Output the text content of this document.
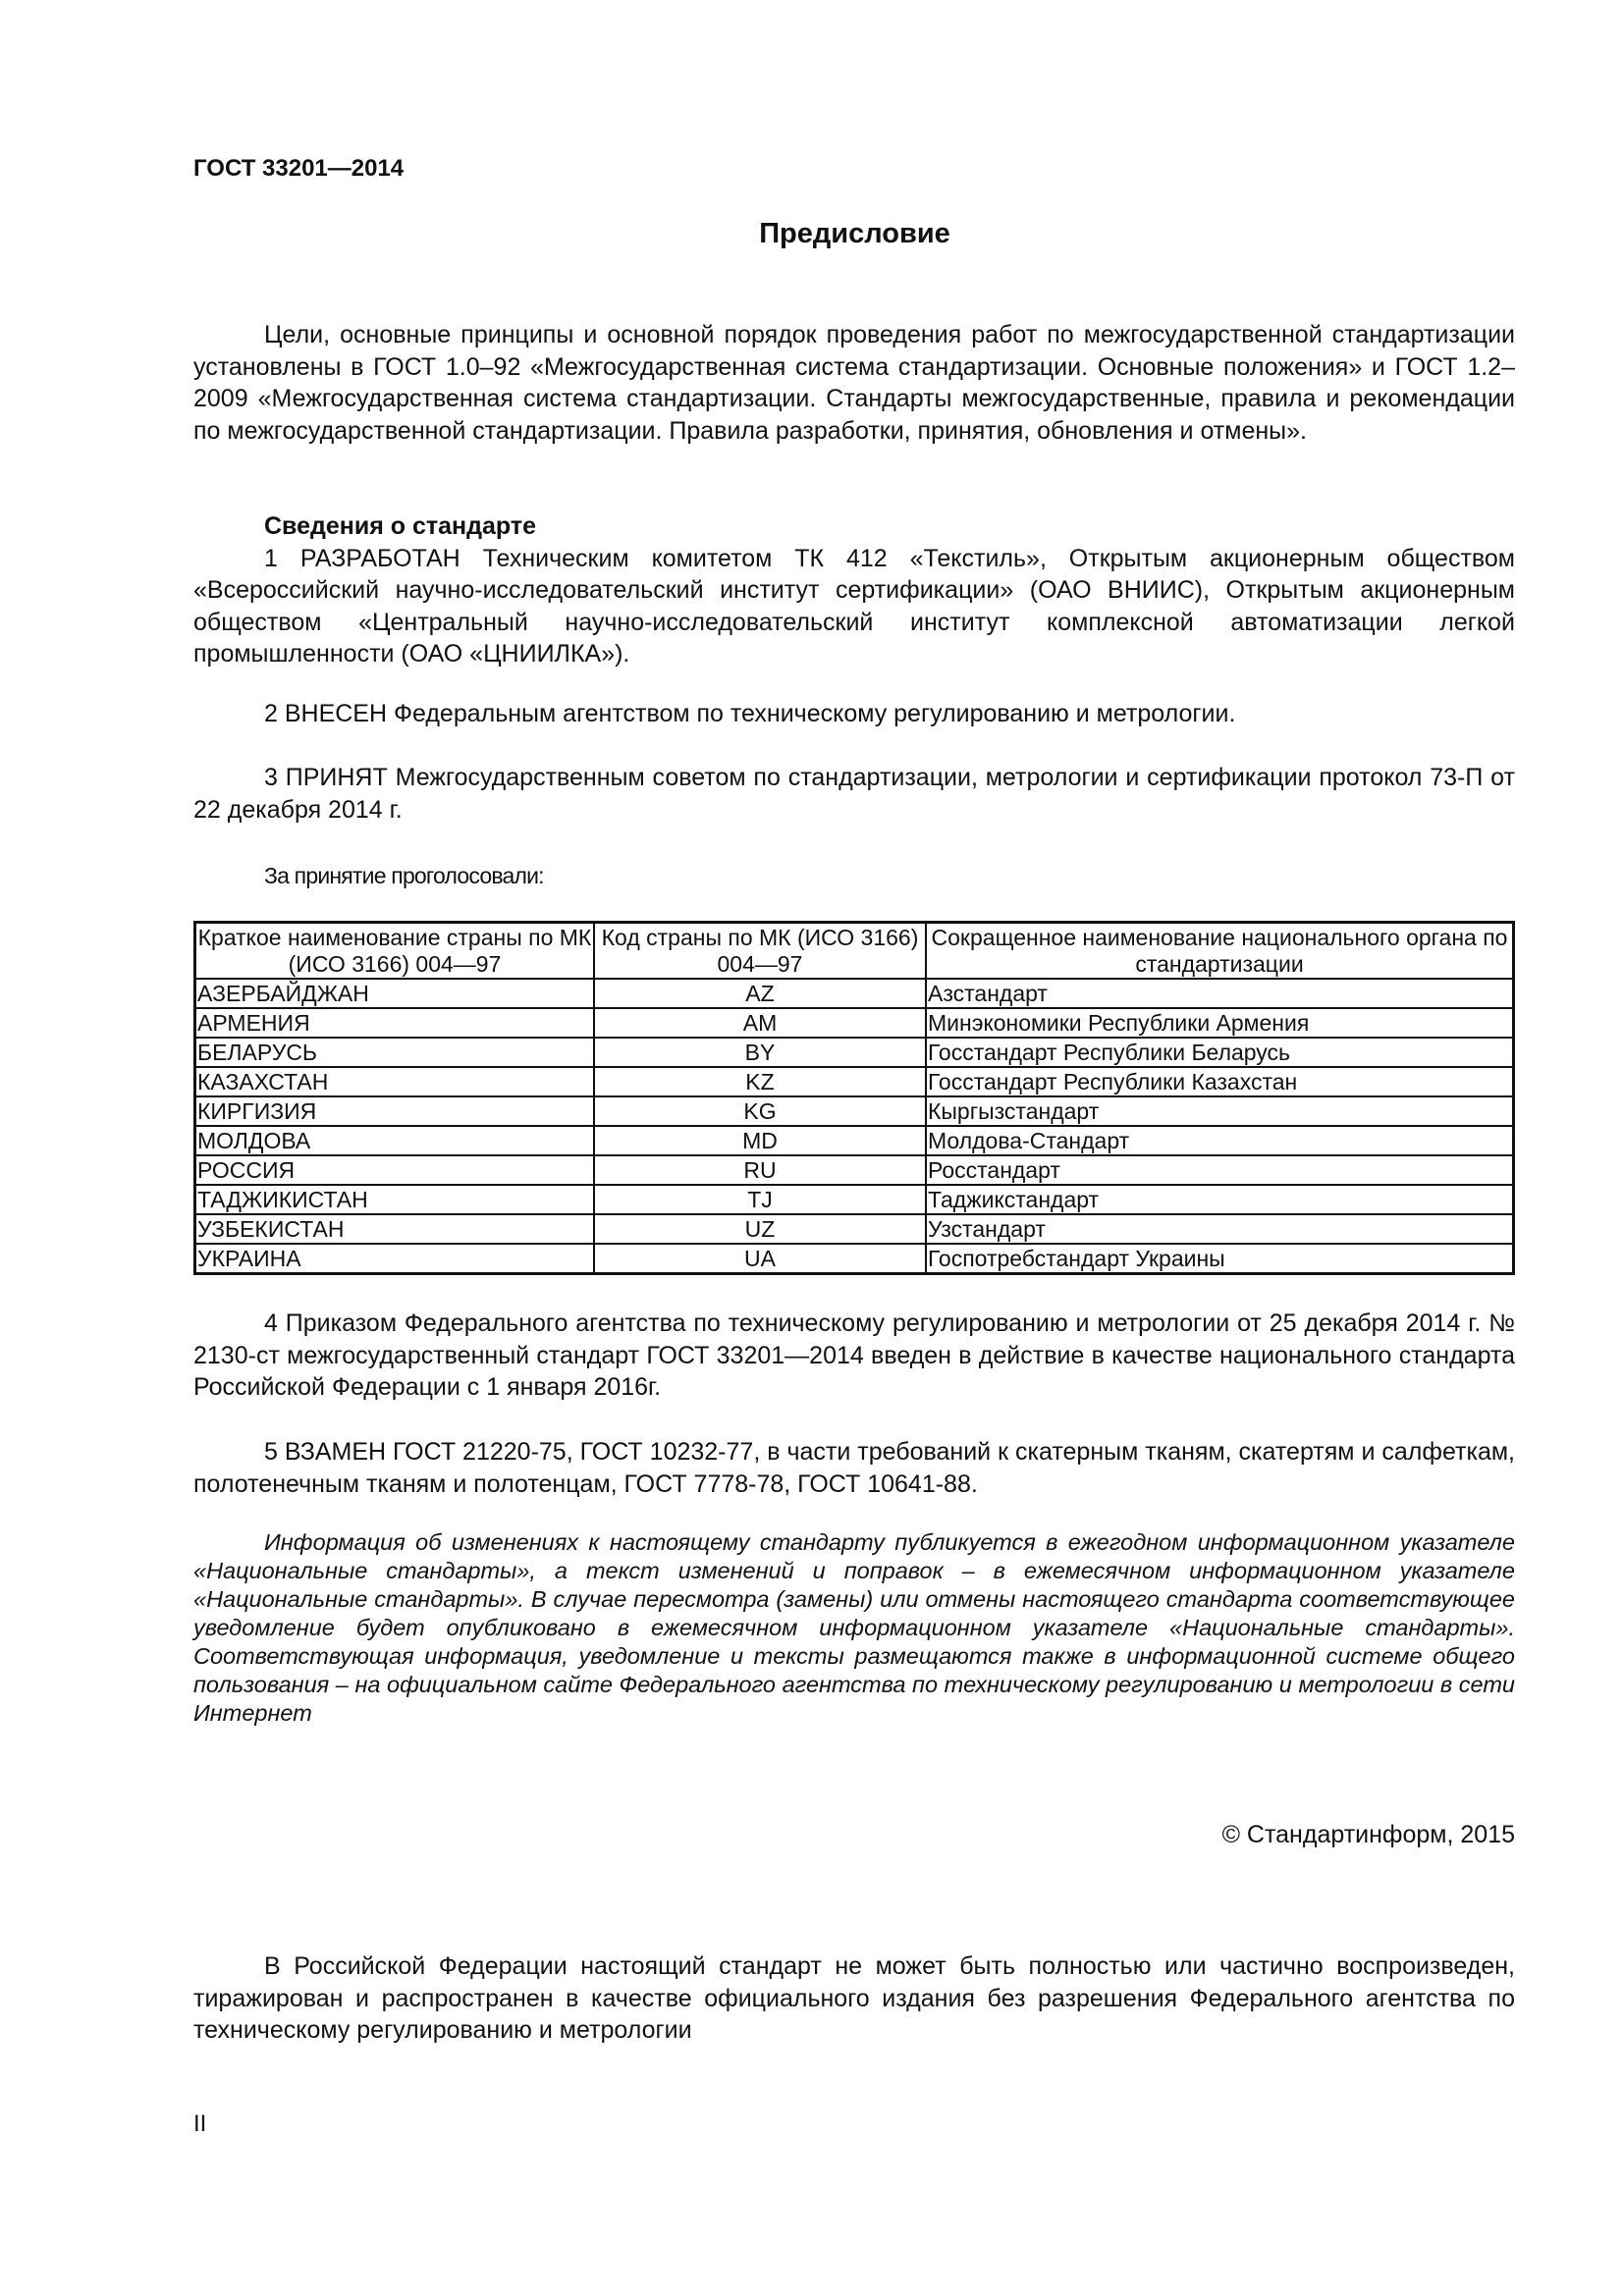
ГОСТ 33201—2014
Предисловие

Цели, основные принципы и основной порядок проведения работ по межгосударственной стандартизации установлены в ГОСТ 1.0–92 «Межгосударственная система стандартизации. Основные положения» и ГОСТ 1.2–2009 «Межгосударственная система стандартизации. Стандарты межгосударственные, правила и рекомендации по межгосударственной стандартизации. Правила разработки, принятия, обновления и отмены».

Сведения о стандарте

1 РАЗРАБОТАН Техническим комитетом ТК 412 «Текстиль», Открытым акционерным обществом «Всероссийский научно-исследовательский институт сертификации» (ОАО ВНИИС), Открытым акционерным обществом «Центральный научно-исследовательский институт комплексной автоматизации легкой промышленности (ОАО «ЦНИИЛКА»).

2 ВНЕСЕН Федеральным агентством по техническому регулированию и метрологии.

3 ПРИНЯТ Межгосударственным советом по стандартизации, метрологии и сертификации протокол 73-П от 22 декабря 2014 г.

За принятие проголосовали:

Краткое наименование страны по МК (ИСО 3166) 004—97	Код страны по МК (ИСО 3166) 004—97	Сокращенное наименование национального органа по стандартизации
АЗЕРБАЙДЖАН	AZ	Азстандарт
АРМЕНИЯ	AM	Минэкономики Республики Армения
БЕЛАРУСЬ	BY	Госстандарт Республики Беларусь
КАЗАХСТАН	KZ	Госстандарт Республики Казахстан
КИРГИЗИЯ	KG	Кыргызстандарт
МОЛДОВА	MD	Молдова-Стандарт
РОССИЯ	RU	Росстандарт
ТАДЖИКИСТАН	TJ	Таджикстандарт
УЗБЕКИСТАН	UZ	Узстандарт
УКРАИНА	UA	Госпотребстандарт Украины

4 Приказом Федерального агентства по техническому регулированию и метрологии от 25 декабря 2014 г. № 2130-ст межгосударственный стандарт ГОСТ 33201—2014 введен в действие в качестве национального стандарта Российской Федерации с 1 января 2016г.

5 ВЗАМЕН ГОСТ 21220-75, ГОСТ 10232-77, в части требований к скатерным тканям, скатертям и салфеткам, полотенечным тканям и полотенцам, ГОСТ 7778-78, ГОСТ 10641-88.

Информация об изменениях к настоящему стандарту публикуется в ежегодном информационном указателе «Национальные стандарты», а текст изменений и поправок – в ежемесячном информационном указателе «Национальные стандарты». В случае пересмотра (замены) или отмены настоящего стандарта соответствующее уведомление будет опубликовано в ежемесячном информационном указателе «Национальные стандарты». Соответствующая информация, уведомление и тексты размещаются также в информационной системе общего пользования – на официальном сайте Федерального агентства по техническому регулированию и метрологии в сети Интернет

© Стандартинформ, 2015

В Российской Федерации настоящий стандарт не может быть полностью или частично воспроизведен, тиражирован и распространен в качестве официального издания без разрешения Федерального агентства по техническому регулированию и метрологии

II
